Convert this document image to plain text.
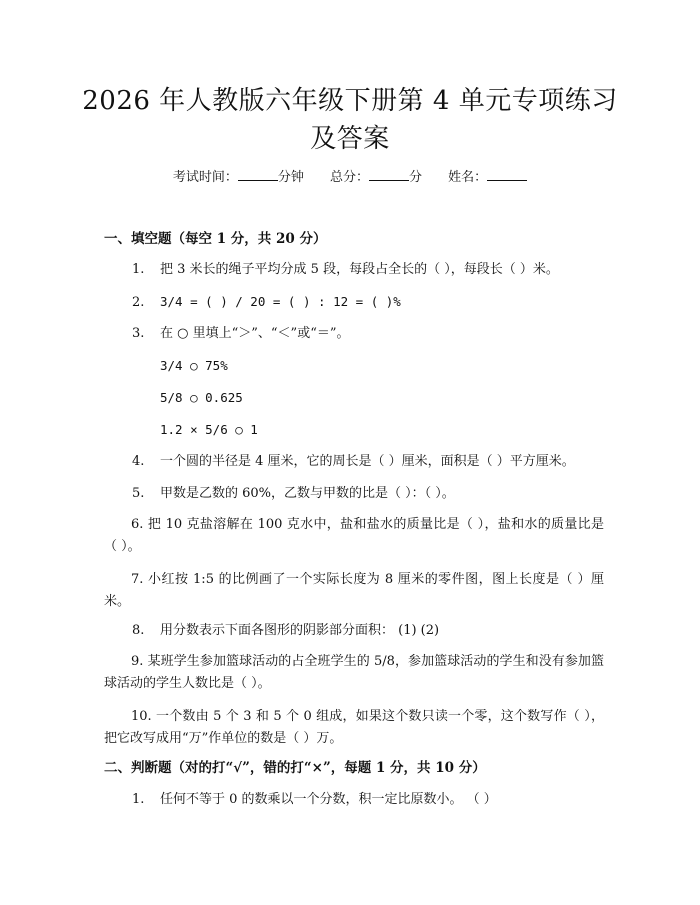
2026 年人教版六年级下册第 4 单元专项练习
及答案
考试时间：	分钟 总分：	分 姓名：
一、填空题（每空 1 分，共 20 分）
1. 把 3 米长的绳子平均分成 5 段，每段占全长的（ ），每段长（ ）米。
2. 3/4 = ( ) / 20 = ( ) : 12 = ( )%
3. 在 ○ 里填上“＞”、“＜”或“＝”。
3/4 ○ 75%
5/8 ○ 0.625
1.2 × 5/6 ○ 1
4. 一个圆的半径是 4 厘米，它的周长是（ ）厘米，面积是（ ）平方厘米。
5. 甲数是乙数的 60%，乙数与甲数的比是（ ）：（ ）。
6. 把 10 克盐溶解在 100 克水中，盐和盐水的质量比是（ ），盐和水的质量比是（ ）。
7. 小红按 1:5 的比例画了一个实际长度为 8 厘米的零件图，图上长度是（ ）厘米。
8. 用分数表示下面各图形的阴影部分面积： (1) (2)
9. 某班学生参加篮球活动的占全班学生的 5/8，参加篮球活动的学生和没有参加篮球活动的学生人数比是（ ）。
10. 一个数由 5 个 3 和 5 个 0 组成，如果这个数只读一个零，这个数写作（ ），把它改写成用“万”作单位的数是（ ）万。
二、判断题（对的打“√”，错的打“×”，每题 1 分，共 10 分）
1. 任何不等于 0 的数乘以一个分数，积一定比原数小。 （ ）
